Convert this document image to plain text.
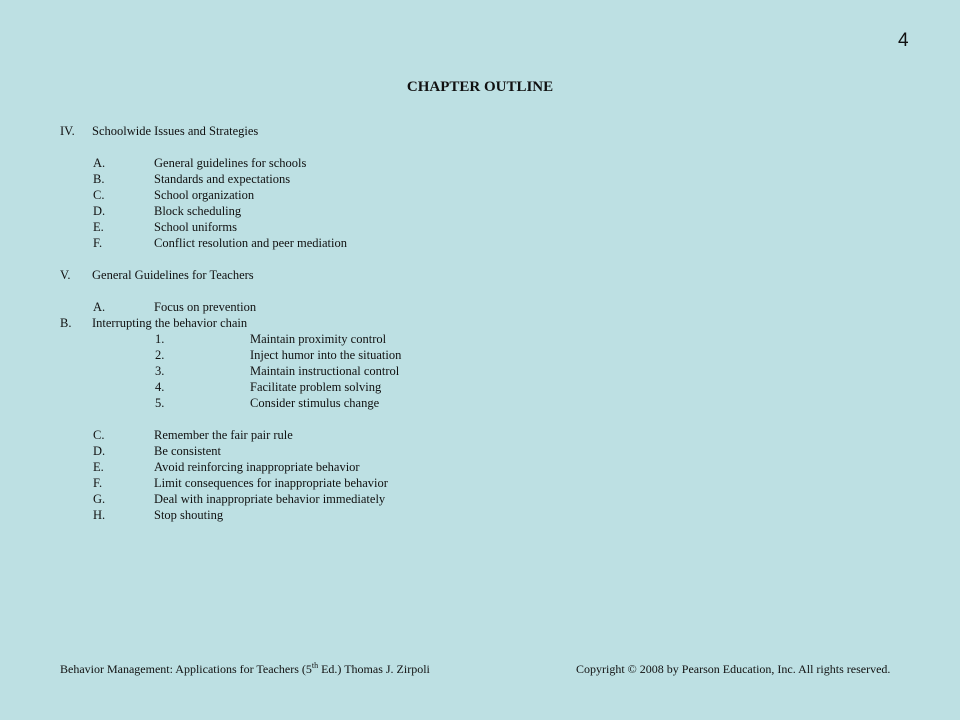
4
CHAPTER OUTLINE
IV. Schoolwide Issues and Strategies
A.	General guidelines for schools
B.	Standards and expectations
C.	School organization
D.	Block scheduling
E.	School uniforms
F.	Conflict resolution and peer mediation
V. General Guidelines for Teachers
A.	Focus on prevention
B. Interrupting the behavior chain
1.	Maintain proximity control
2.	Inject humor into the situation
3.	Maintain instructional control
4.	Facilitate problem solving
5.	Consider stimulus change
C.	Remember the fair pair rule
D.	Be consistent
E.	Avoid reinforcing inappropriate behavior
F.	Limit consequences for inappropriate behavior
G.	Deal with inappropriate behavior immediately
H.	Stop shouting
Behavior Management: Applications for Teachers (5th Ed.) Thomas J. Zirpoli	Copyright © 2008 by Pearson Education, Inc. All rights reserved.
